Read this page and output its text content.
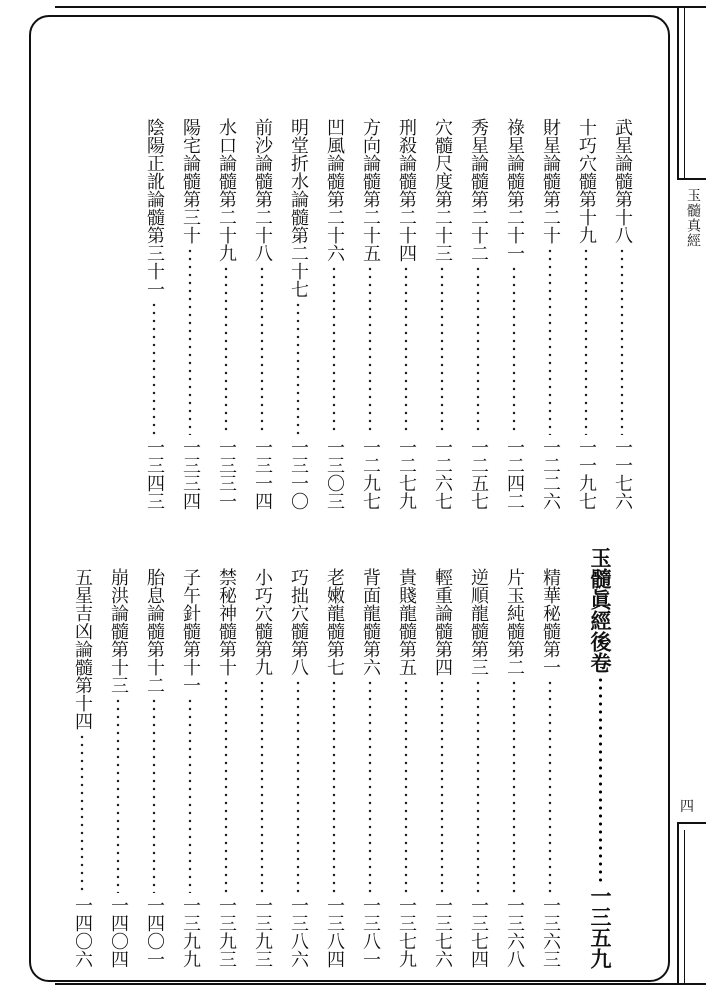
玉髓真經
四
武星論髓第十八
一一七六
十巧穴髓第十九
一一九七
財星論髓第二十
一二二六
祿星論髓第二十一
一二四二
秀星論髓第二十二
一二五七
穴髓尺度第二十三
一二六七
刑殺論髓第二十四
一二七九
方向論髓第二十五
一二九七
凹風論髓第二十六
一三〇三
明堂折水論髓第二十七
一三一〇
前沙論髓第二十八
一三一四
水口論髓第二十九
一三三一
陽宅論髓第三十
一三三四
陰陽正訛論髓第三十一
一三四三
玉髓眞經後卷
一三五九
精華秘髓第一
一三六三
片玉純髓第二
一三六八
逆順龍髓第三
一三七四
輕重論髓第四
一三七六
貴賤龍髓第五
一三七九
背面龍髓第六
一三八一
老嫩龍髓第七
一三八四
巧拙穴髓第八
一三八六
小巧穴髓第九
一三九三
禁秘神髓第十
一三九三
子午針髓第十一
一三九九
胎息論髓第十二
一四〇一
崩洪論髓第十三
一四〇四
五星吉凶論髓第十四
一四〇六
